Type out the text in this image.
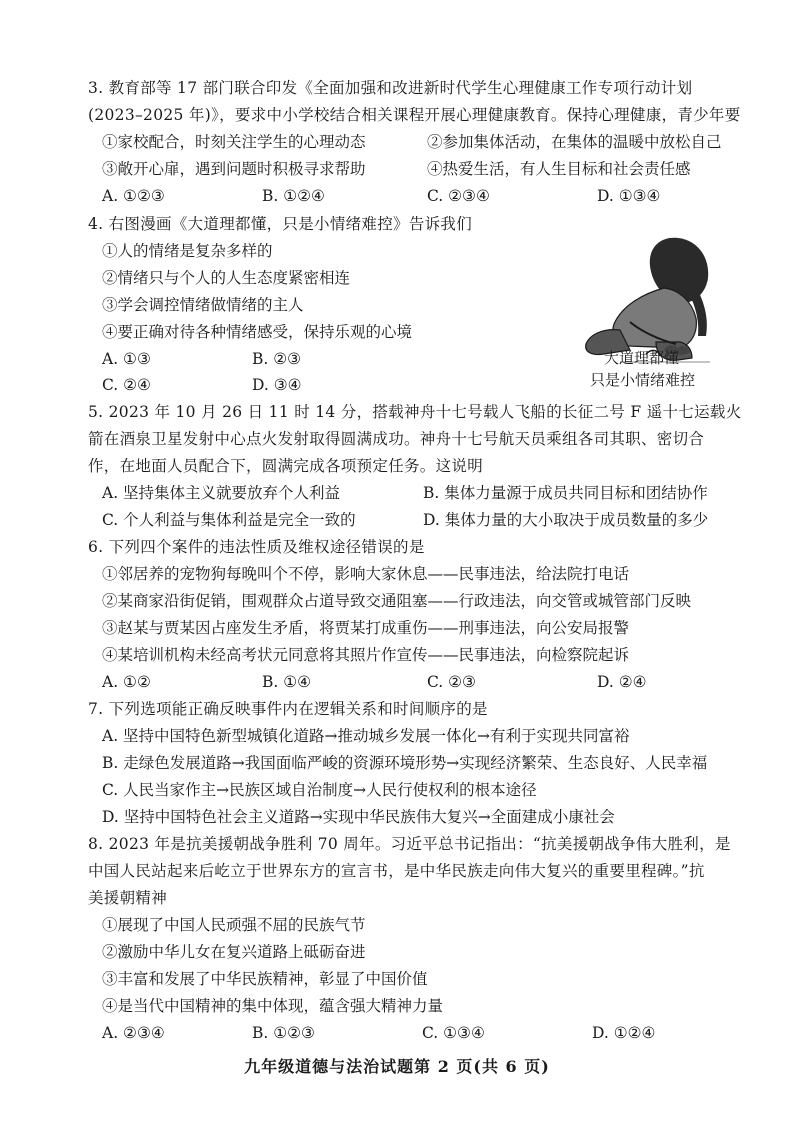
3. 教育部等 17 部门联合印发《全面加强和改进新时代学生心理健康工作专项行动计划
(2023–2025 年)》，要求中小学校结合相关课程开展心理健康教育。保持心理健康，青少年要
①家校配合，时刻关注学生的心理动态	②参加集体活动，在集体的温暖中放松自己
③敞开心扉，遇到问题时积极寻求帮助	④热爱生活，有人生目标和社会责任感
A. ①②③	B. ①②④	C. ②③④	D. ①③④
4. 右图漫画《大道理都懂，只是小情绪难控》告诉我们
①人的情绪是复杂多样的
②情绪只与个人的人生态度紧密相连
③学会调控情绪做情绪的主人
④要正确对待各种情绪感受，保持乐观的心境
A. ①③	B. ②③
C. ②④	D. ③④
大道理都懂
只是小情绪难控
5. 2023 年 10 月 26 日 11 时 14 分，搭载神舟十七号载人飞船的长征二号 F 遥十七运载火
箭在酒泉卫星发射中心点火发射取得圆满成功。神舟十七号航天员乘组各司其职、密切合
作，在地面人员配合下，圆满完成各项预定任务。这说明
A. 坚持集体主义就要放弃个人利益	B. 集体力量源于成员共同目标和团结协作
C. 个人利益与集体利益是完全一致的	D. 集体力量的大小取决于成员数量的多少
6. 下列四个案件的违法性质及维权途径错误的是
①邻居养的宠物狗每晚叫个不停，影响大家休息——民事违法，给法院打电话
②某商家沿街促销，围观群众占道导致交通阻塞——行政违法，向交管或城管部门反映
③赵某与贾某因占座发生矛盾，将贾某打成重伤——刑事违法，向公安局报警
④某培训机构未经高考状元同意将其照片作宣传——民事违法，向检察院起诉
A. ①②	B. ①④	C. ②③	D. ②④
7. 下列选项能正确反映事件内在逻辑关系和时间顺序的是
A. 坚持中国特色新型城镇化道路→推动城乡发展一体化→有利于实现共同富裕
B. 走绿色发展道路→我国面临严峻的资源环境形势→实现经济繁荣、生态良好、人民幸福
C. 人民当家作主→民族区域自治制度→人民行使权利的根本途径
D. 坚持中国特色社会主义道路→实现中华民族伟大复兴→全面建成小康社会
8. 2023 年是抗美援朝战争胜利 70 周年。习近平总书记指出：“抗美援朝战争伟大胜利，是
中国人民站起来后屹立于世界东方的宣言书，是中华民族走向伟大复兴的重要里程碑。”抗
美援朝精神
①展现了中国人民顽强不屈的民族气节
②激励中华儿女在复兴道路上砥砺奋进
③丰富和发展了中华民族精神，彰显了中国价值
④是当代中国精神的集中体现，蕴含强大精神力量
A. ②③④	B. ①②③	C. ①③④	D. ①②④
九年级道德与法治试题第 2 页(共 6 页)
